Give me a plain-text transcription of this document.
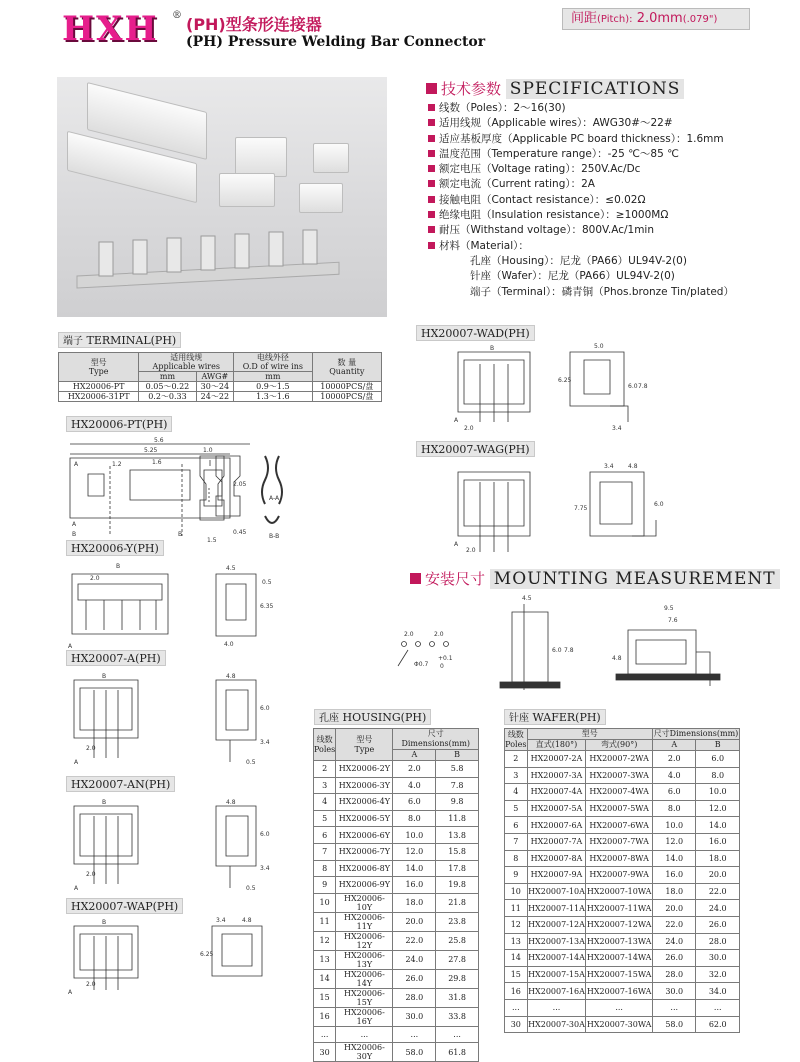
HXH	® (PH)型条形连接器
(PH) Pressure Welding Bar Connector
间距(Pitch): 2.0mm(.079")
技术参数 SPECIFICATIONS
线数（Poles）：2～16(30)
适用线规（Applicable wires）：AWG30#～22#
适应基板厚度（Applicable PC board thickness）：1.6mm
温度范围（Temperature range）：-25 ℃～85 ℃
额定电压（Voltage rating）：250V.Ac/Dc
额定电流（Current rating）：2A
接触电阻（Contact resistance）：≤0.02Ω
绝缘电阻（Insulation resistance）：≥1000MΩ
耐压（Withstand voltage）：800V.Ac/1min
材料（Material）：
孔座（Housing）：尼龙（PA66）UL94V-2(0)
针座（Wafer）：尼龙（PA66）UL94V-2(0)
端子（Terminal）：磷青铜（Phos.bronze Tin/plated）
端子 TERMINAL(PH)
型号
Type	适用线规
Applicable wires		电线外径
O.D of wire ins	数 量
Quantity
	mm	AWG#	mm	
HX20006-PT	0.05～0.22	30～24	0.9～1.5	10000PCS/盘
HX20006-31PT	0.2～0.33	24～22	1.3～1.6	10000PCS/盘
HX20006-PT(PH)
5.6
5.25
1.2	1.6
A
A
B	B
1.0
2.05
0.45
1.5
A-A
B-B
HX20006-Y(PH)
B
2.0
A
4.5
6.35
4.0
0.5
HX20007-A(PH)
B
2.0
A
4.8
6.0
3.4
0.5
HX20007-AN(PH)
B
2.0
A
4.8
6.0
3.4
0.5
HX20007-WAP(PH)
B
2.0
A
3.4	4.8
6.25
HX20007-WAD(PH)
B
2.0
A
5.0
6.25
6.0 7.8
3.4
HX20007-WAG(PH)
2.0
A
3.4 4.8
7.75
6.0
安装尺寸 MOUNTING MEASUREMENT
2.0	2.0
Φ0.7
+0.1
0
4.5
6.0 7.8
9.5
7.6
4.8
孔座 HOUSING(PH)
线数
Poles	型号
Type	尺寸Dimensions(mm)	
		A	B
2	HX20006-2Y	2.0	5.8
3	HX20006-3Y	4.0	7.8
4	HX20006-4Y	6.0	9.8
5	HX20006-5Y	8.0	11.8
6	HX20006-6Y	10.0	13.8
7	HX20006-7Y	12.0	15.8
8	HX20006-8Y	14.0	17.8
9	HX20006-9Y	16.0	19.8
10	HX20006-10Y	18.0	21.8
11	HX20006-11Y	20.0	23.8
12	HX20006-12Y	22.0	25.8
13	HX20006-13Y	24.0	27.8
14	HX20006-14Y	26.0	29.8
15	HX20006-15Y	28.0	31.8
16	HX20006-16Y	30.0	33.8
...	...	...	...
30	HX20006-30Y	58.0	61.8
针座 WAFER(PH)
线数
Poles	型号		尺寸Dimensions(mm)	
	直式(180°)	弯式(90°)	A	B
2	HX20007-2A	HX20007-2WA	2.0	6.0
3	HX20007-3A	HX20007-3WA	4.0	8.0
4	HX20007-4A	HX20007-4WA	6.0	10.0
5	HX20007-5A	HX20007-5WA	8.0	12.0
6	HX20007-6A	HX20007-6WA	10.0	14.0
7	HX20007-7A	HX20007-7WA	12.0	16.0
8	HX20007-8A	HX20007-8WA	14.0	18.0
9	HX20007-9A	HX20007-9WA	16.0	20.0
10	HX20007-10A	HX20007-10WA	18.0	22.0
11	HX20007-11A	HX20007-11WA	20.0	24.0
12	HX20007-12A	HX20007-12WA	22.0	26.0
13	HX20007-13A	HX20007-13WA	24.0	28.0
14	HX20007-14A	HX20007-14WA	26.0	30.0
15	HX20007-15A	HX20007-15WA	28.0	32.0
16	HX20007-16A	HX20007-16WA	30.0	34.0
...	...	...	...	...
30	HX20007-30A	HX20007-30WA	58.0	62.0
